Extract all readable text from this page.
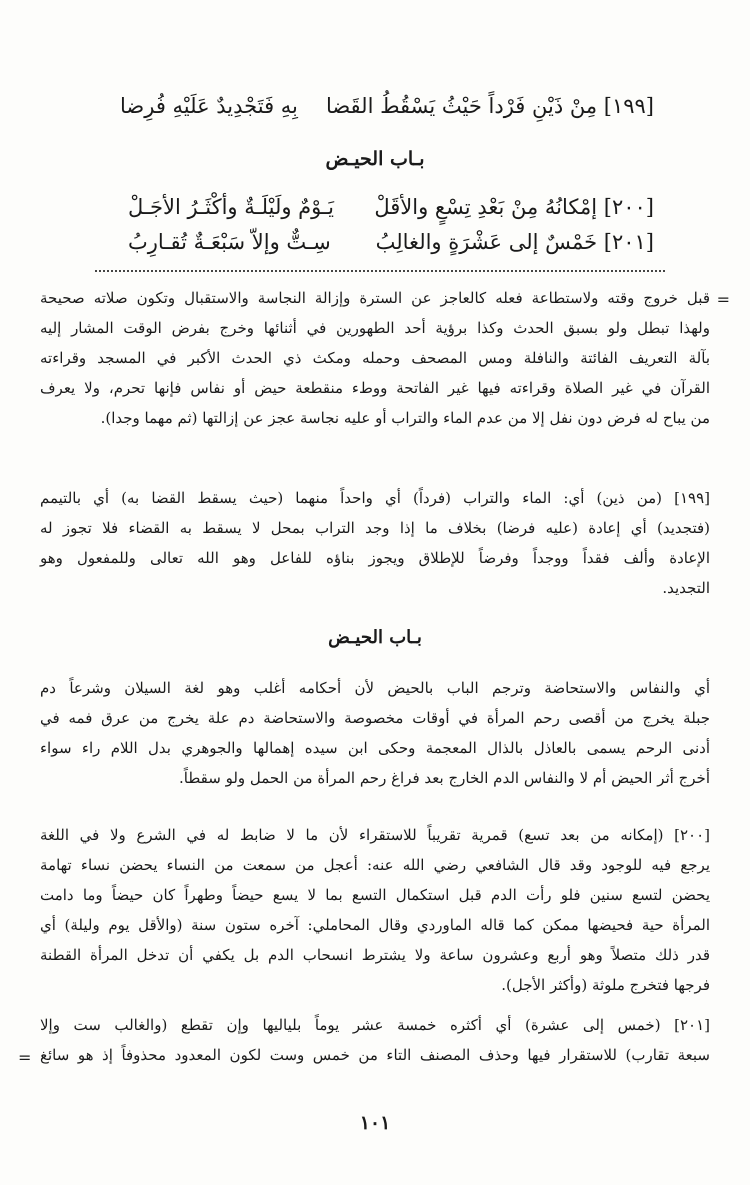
[١٩٩] مِنْ ذَيْنِ فَرْداً حَيْثُ يَسْقُطُ القَضا
بِهِ فَتَجْدِيدٌ عَلَيْهِ فُرِضا
بـاب الحيـض
[٢٠٠] إمْكانُهُ مِنْ بَعْدِ تِسْعٍ والأقَلْ
يَـوْمٌ ولَيْلَـةٌ وأكْثَـرُ الأجَـلْ
[٢٠١] خَمْسٌ إلى عَشْرَةٍ والغالِبُ
سِـتٌّ وإلاّ سَبْعَـةٌ تُقـارِبُ
=
قبل خروج وقته ولاستطاعة فعله كالعاجز عن السترة وإزالة النجاسة والاستقبال وتكون صلاته صحيحة
ولهذا تبطل ولو بسبق الحدث وكذا برؤية أحد الطهورين في أثنائها وخرج بفرض الوقت المشار إليه
بآلة التعريف الفائتة والنافلة ومس المصحف وحمله ومكث ذي الحدث الأكبر في المسجد وقراءته
القرآن في غير الصلاة وقراءته فيها غير الفاتحة ووطء منقطعة حيض أو نفاس فإنها تحرم، ولا يعرف
من يباح له فرض دون نفل إلا من عدم الماء والتراب أو عليه نجاسة عجز عن إزالتها (ثم مهما وجدا).
[١٩٩] (من ذين) أي: الماء والتراب (فرداً) أي واحداً منهما (حيث يسقط القضا به) أي بالتيمم
(فتجديد) أي إعادة (عليه فرضا) بخلاف ما إذا وجد التراب بمحل لا يسقط به القضاء فلا تجوز له
الإعادة وألف فقداً ووجداً وفرضاً للإطلاق ويجوز بناؤه للفاعل وهو الله تعالى وللمفعول وهو
التجديد.
بـاب الحيـض
أي والنفاس والاستحاضة وترجم الباب بالحيض لأن أحكامه أغلب وهو لغة السيلان وشرعاً دم
جبلة يخرج من أقصى رحم المرأة في أوقات مخصوصة والاستحاضة دم علة يخرج من عرق فمه في
أدنى الرحم يسمى بالعاذل بالذال المعجمة وحكى ابن سيده إهمالها والجوهري بدل اللام راء سواء
أخرج أثر الحيض أم لا والنفاس الدم الخارج بعد فراغ رحم المرأة من الحمل ولو سقطاً.
[٢٠٠] (إمكانه من بعد تسع) قمرية تقريباً للاستقراء لأن ما لا ضابط له في الشرع ولا في اللغة
يرجع فيه للوجود وقد قال الشافعي رضي الله عنه: أعجل من سمعت من النساء يحضن نساء تهامة
يحضن لتسع سنين فلو رأت الدم قبل استكمال التسع بما لا يسع حيضاً وطهراً كان حيضاً وما دامت
المرأة حية فحيضها ممكن كما قاله الماوردي وقال المحاملي: آخره ستون سنة (والأقل يوم وليلة) أي
قدر ذلك متصلاً وهو أربع وعشرون ساعة ولا يشترط انسحاب الدم بل يكفي أن تدخل المرأة القطنة
فرجها فتخرج ملوثة (وأكثر الأجل).
[٢٠١] (خمس إلى عشرة) أي أكثره خمسة عشر يوماً بلياليها وإن تقطع (والغالب ست وإلا
سبعة تقارب) للاستقرار فيها وحذف المصنف التاء من خمس وست لكون المعدود محذوفاً إذ هو سائغ
=
١٠١
